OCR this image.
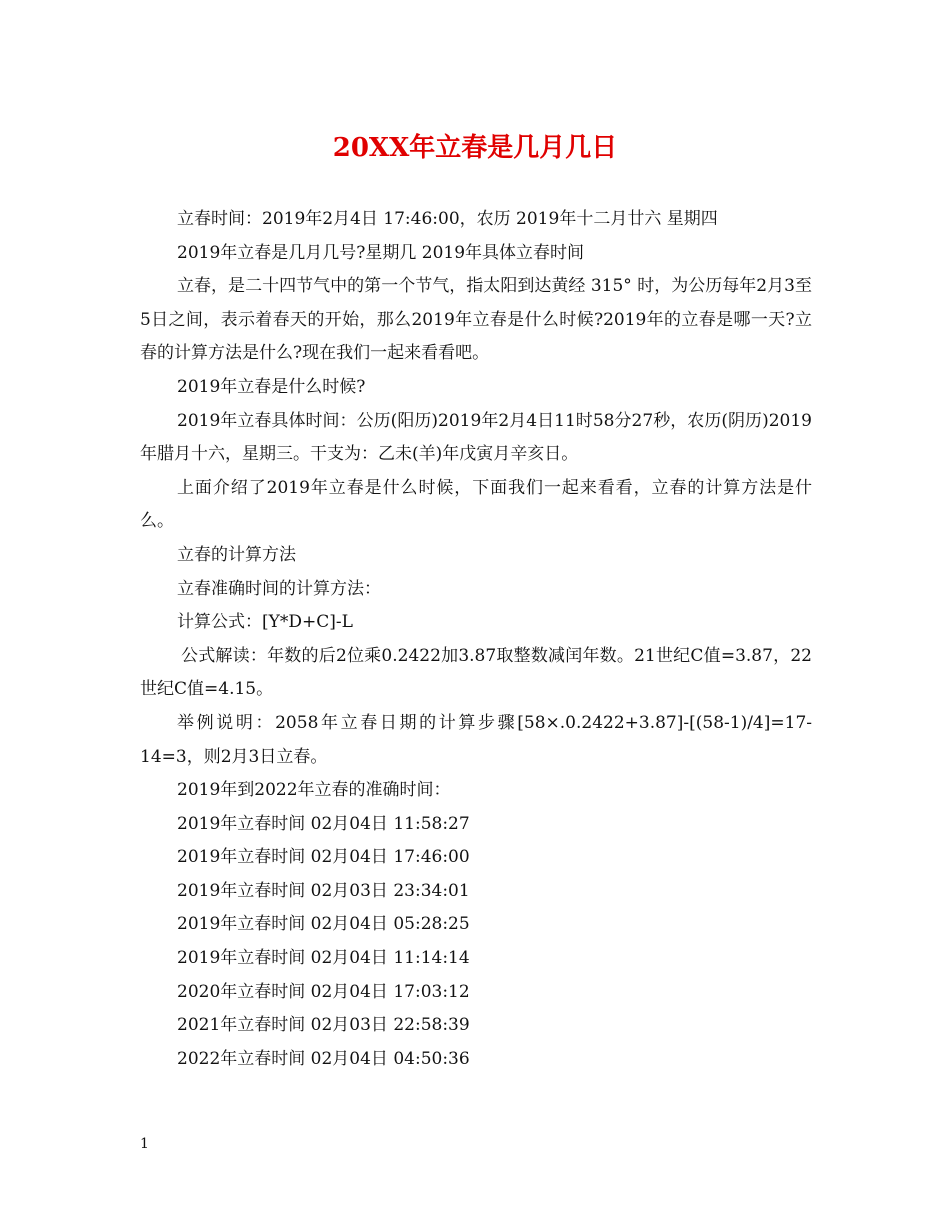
20XX年立春是几月几日

立春时间：2019年2月4日 17:46:00，农历 2019年十二月廿六 星期四

2019年立春是几月几号?星期几 2019年具体立春时间

立春，是二十四节气中的第一个节气，指太阳到达黄经 315° 时，为公历每年2月3至5日之间，表示着春天的开始，那么2019年立春是什么时候?2019年的立春是哪一天?立春的计算方法是什么?现在我们一起来看看吧。

2019年立春是什么时候?

2019年立春具体时间：公历(阳历)2019年2月4日11时58分27秒，农历(阴历)2019年腊月十六，星期三。干支为：乙未(羊)年戊寅月辛亥日。

上面介绍了2019年立春是什么时候，下面我们一起来看看，立春的计算方法是什么。

立春的计算方法

立春准确时间的计算方法：

计算公式：[Y*D+C]-L

公式解读：年数的后2位乘0.2422加3.87取整数减闰年数。21世纪C值=3.87，22世纪C值=4.15。

举例说明：2058年立春日期的计算步骤[58×.0.2422+3.87]-[(58-1)/4]=17-14=3，则2月3日立春。

2019年到2022年立春的准确时间：

2019年立春时间 02月04日 11:58:27

2019年立春时间 02月04日 17:46:00

2019年立春时间 02月03日 23:34:01

2019年立春时间 02月04日 05:28:25

2019年立春时间 02月04日 11:14:14

2020年立春时间 02月04日 17:03:12

2021年立春时间 02月03日 22:58:39

2022年立春时间 02月04日 04:50:36

1
